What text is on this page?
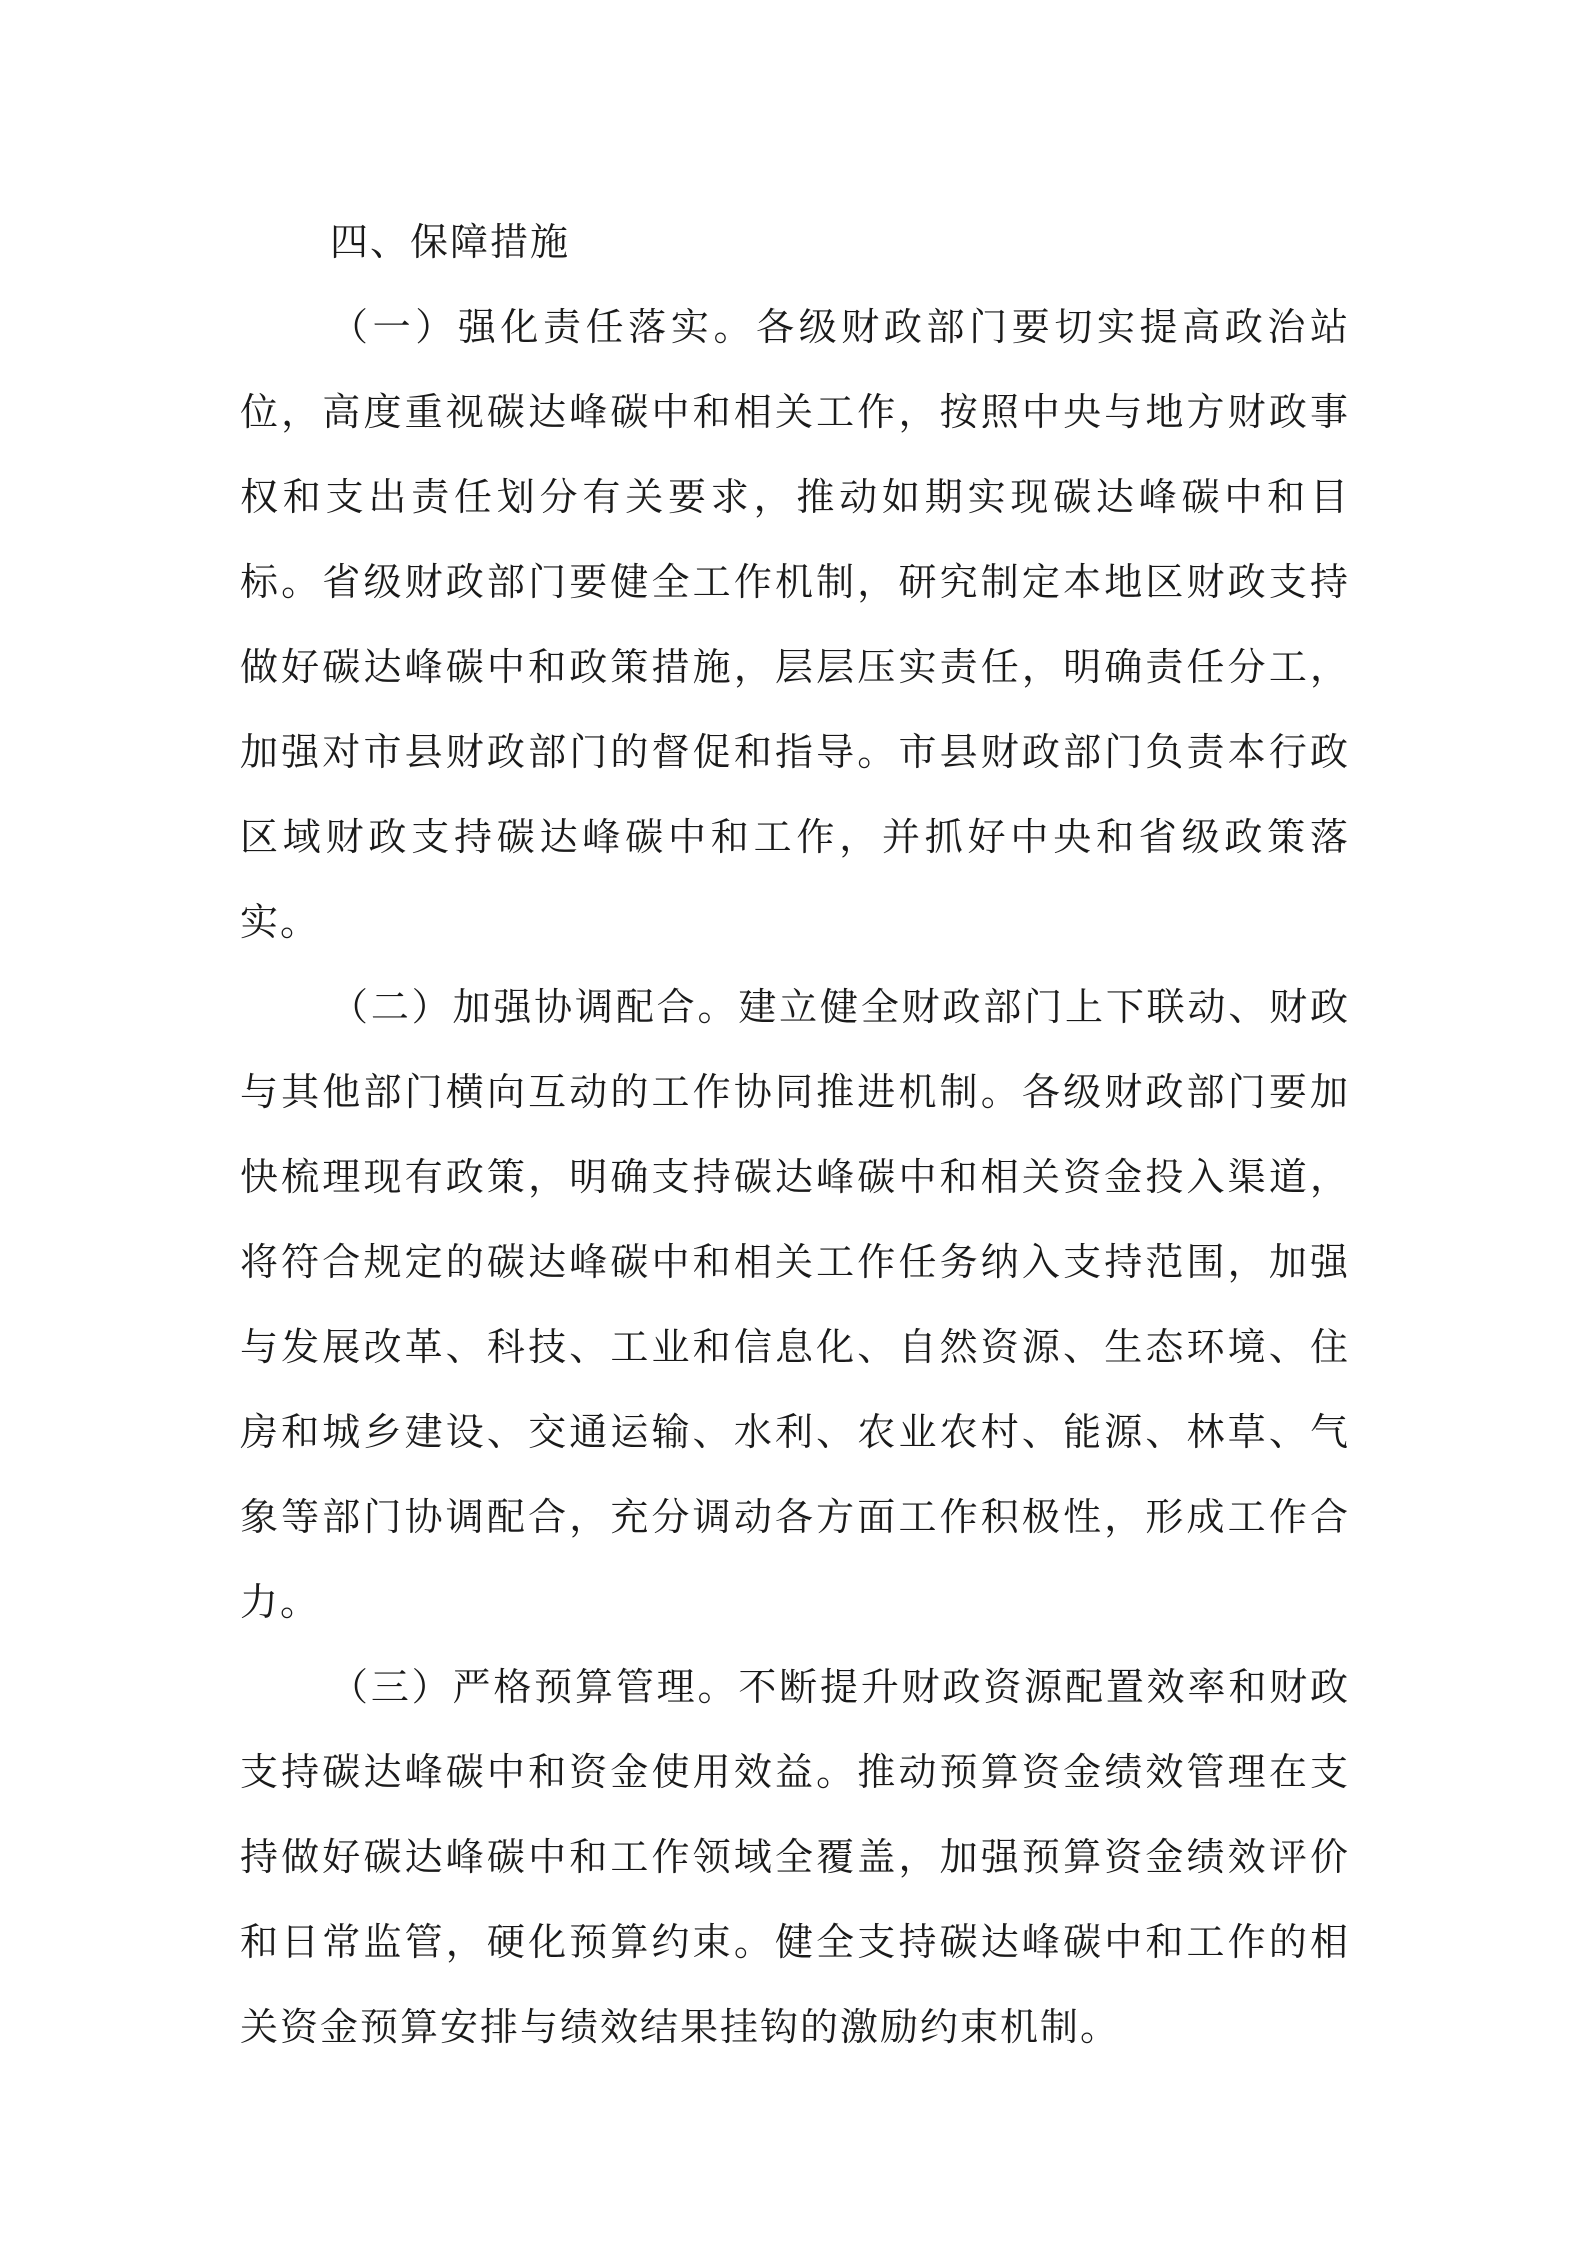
四、保障措施

（一）强化责任落实。各级财政部门要切实提高政治站位，高度重视碳达峰碳中和相关工作，按照中央与地方财政事权和支出责任划分有关要求，推动如期实现碳达峰碳中和目标。省级财政部门要健全工作机制，研究制定本地区财政支持做好碳达峰碳中和政策措施，层层压实责任，明确责任分工，加强对市县财政部门的督促和指导。市县财政部门负责本行政区域财政支持碳达峰碳中和工作，并抓好中央和省级政策落实。

（二）加强协调配合。建立健全财政部门上下联动、财政与其他部门横向互动的工作协同推进机制。各级财政部门要加快梳理现有政策，明确支持碳达峰碳中和相关资金投入渠道，将符合规定的碳达峰碳中和相关工作任务纳入支持范围，加强与发展改革、科技、工业和信息化、自然资源、生态环境、住房和城乡建设、交通运输、水利、农业农村、能源、林草、气象等部门协调配合，充分调动各方面工作积极性，形成工作合力。

（三）严格预算管理。不断提升财政资源配置效率和财政支持碳达峰碳中和资金使用效益。推动预算资金绩效管理在支持做好碳达峰碳中和工作领域全覆盖，加强预算资金绩效评价和日常监管，硬化预算约束。健全支持碳达峰碳中和工作的相关资金预算安排与绩效结果挂钩的激励约束机制。
